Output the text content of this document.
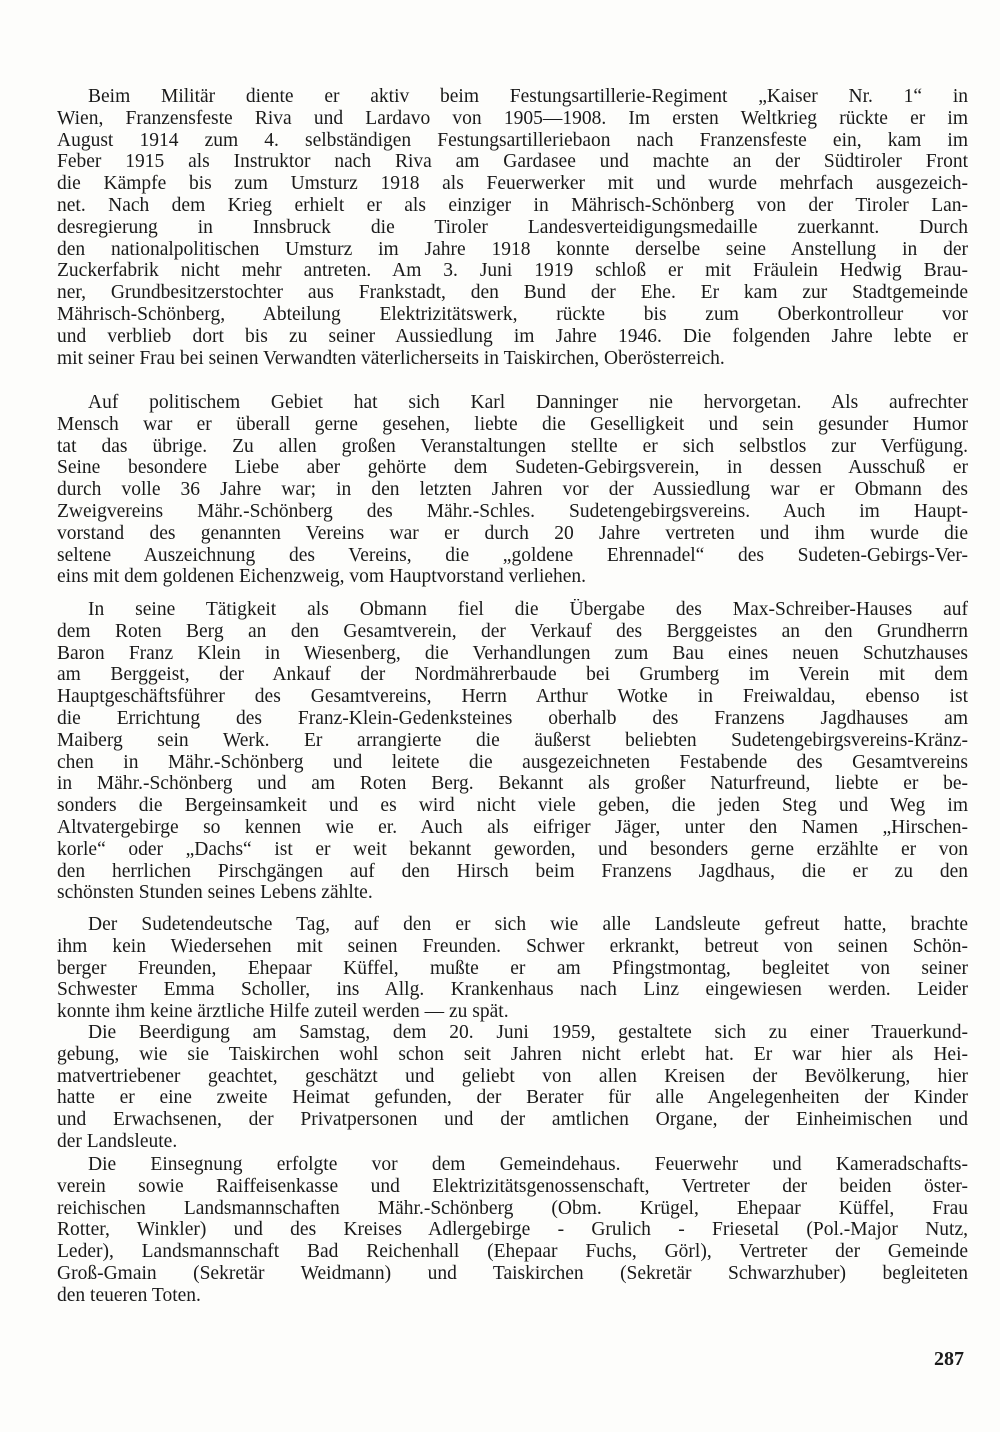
Beim Militär diente er aktiv beim Festungsartillerie-Regiment „Kaiser Nr. 1“ in
Wien, Franzensfeste Riva und Lardavo von 1905—1908. Im ersten Weltkrieg rückte er im
August 1914 zum 4. selbständigen Festungsartilleriebaon nach Franzensfeste ein, kam im
Feber 1915 als Instruktor nach Riva am Gardasee und machte an der Südtiroler Front
die Kämpfe bis zum Umsturz 1918 als Feuerwerker mit und wurde mehrfach ausgezeich-
net. Nach dem Krieg erhielt er als einziger in Mährisch-Schönberg von der Tiroler Lan-
desregierung in Innsbruck die Tiroler Landesverteidigungsmedaille zuerkannt. Durch
den nationalpolitischen Umsturz im Jahre 1918 konnte derselbe seine Anstellung in der
Zuckerfabrik nicht mehr antreten. Am 3. Juni 1919 schloß er mit Fräulein Hedwig Brau-
ner, Grundbesitzerstochter aus Frankstadt, den Bund der Ehe. Er kam zur Stadtgemeinde
Mährisch-Schönberg, Abteilung Elektrizitätswerk, rückte bis zum Oberkontrolleur vor
und verblieb dort bis zu seiner Aussiedlung im Jahre 1946. Die folgenden Jahre lebte er
mit seiner Frau bei seinen Verwandten väterlicherseits in Taiskirchen, Oberösterreich.
Auf politischem Gebiet hat sich Karl Danninger nie hervorgetan. Als aufrechter
Mensch war er überall gerne gesehen, liebte die Geselligkeit und sein gesunder Humor
tat das übrige. Zu allen großen Veranstaltungen stellte er sich selbstlos zur Verfügung.
Seine besondere Liebe aber gehörte dem Sudeten-Gebirgsverein, in dessen Ausschuß er
durch volle 36 Jahre war; in den letzten Jahren vor der Aussiedlung war er Obmann des
Zweigvereins Mähr.-Schönberg des Mähr.-Schles. Sudetengebirgsvereins. Auch im Haupt-
vorstand des genannten Vereins war er durch 20 Jahre vertreten und ihm wurde die
seltene Auszeichnung des Vereins, die „goldene Ehrennadel“ des Sudeten-Gebirgs-Ver-
eins mit dem goldenen Eichenzweig, vom Hauptvorstand verliehen.
In seine Tätigkeit als Obmann fiel die Übergabe des Max-Schreiber-Hauses auf
dem Roten Berg an den Gesamtverein, der Verkauf des Berggeistes an den Grundherrn
Baron Franz Klein in Wiesenberg, die Verhandlungen zum Bau eines neuen Schutzhauses
am Berggeist, der Ankauf der Nordmährerbaude bei Grumberg im Verein mit dem
Hauptgeschäftsführer des Gesamtvereins, Herrn Arthur Wotke in Freiwaldau, ebenso ist
die Errichtung des Franz-Klein-Gedenksteines oberhalb des Franzens Jagdhauses am
Maiberg sein Werk. Er arrangierte die äußerst beliebten Sudetengebirgsvereins-Kränz-
chen in Mähr.-Schönberg und leitete die ausgezeichneten Festabende des Gesamtvereins
in Mähr.-Schönberg und am Roten Berg. Bekannt als großer Naturfreund, liebte er be-
sonders die Bergeinsamkeit und es wird nicht viele geben, die jeden Steg und Weg im
Altvatergebirge so kennen wie er. Auch als eifriger Jäger, unter den Namen „Hirschen-
korle“ oder „Dachs“ ist er weit bekannt geworden, und besonders gerne erzählte er von
den herrlichen Pirschgängen auf den Hirsch beim Franzens Jagdhaus, die er zu den
schönsten Stunden seines Lebens zählte.
Der Sudetendeutsche Tag, auf den er sich wie alle Landsleute gefreut hatte, brachte
ihm kein Wiedersehen mit seinen Freunden. Schwer erkrankt, betreut von seinen Schön-
berger Freunden, Ehepaar Küffel, mußte er am Pfingstmontag, begleitet von seiner
Schwester Emma Scholler, ins Allg. Krankenhaus nach Linz eingewiesen werden. Leider
konnte ihm keine ärztliche Hilfe zuteil werden — zu spät.
Die Beerdigung am Samstag, dem 20. Juni 1959, gestaltete sich zu einer Trauerkund-
gebung, wie sie Taiskirchen wohl schon seit Jahren nicht erlebt hat. Er war hier als Hei-
matvertriebener geachtet, geschätzt und geliebt von allen Kreisen der Bevölkerung, hier
hatte er eine zweite Heimat gefunden, der Berater für alle Angelegenheiten der Kinder
und Erwachsenen, der Privatpersonen und der amtlichen Organe, der Einheimischen und
der Landsleute.
Die Einsegnung erfolgte vor dem Gemeindehaus. Feuerwehr und Kameradschafts-
verein sowie Raiffeisenkasse und Elektrizitätsgenossenschaft, Vertreter der beiden öster-
reichischen Landsmannschaften Mähr.-Schönberg (Obm. Krügel, Ehepaar Küffel, Frau
Rotter, Winkler) und des Kreises Adlergebirge - Grulich - Friesetal (Pol.-Major Nutz,
Leder), Landsmannschaft Bad Reichenhall (Ehepaar Fuchs, Görl), Vertreter der Gemeinde
Groß-Gmain (Sekretär Weidmann) und Taiskirchen (Sekretär Schwarzhuber) begleiteten
den teueren Toten.
287
